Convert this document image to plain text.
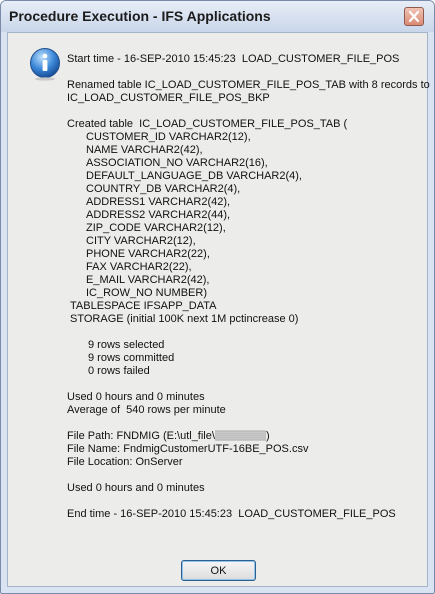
Procedure Execution - IFS Applications
Start time - 16-SEP-2010 15:45:23  LOAD_CUSTOMER_FILE_POS
Renamed table IC_LOAD_CUSTOMER_FILE_POS_TAB with 8 records to
IC_LOAD_CUSTOMER_FILE_POS_BKP
Created table  IC_LOAD_CUSTOMER_FILE_POS_TAB (
CUSTOMER_ID VARCHAR2(12),
NAME VARCHAR2(42),
ASSOCIATION_NO VARCHAR2(16),
DEFAULT_LANGUAGE_DB VARCHAR2(4),
COUNTRY_DB VARCHAR2(4),
ADDRESS1 VARCHAR2(42),
ADDRESS2 VARCHAR2(44),
ZIP_CODE VARCHAR2(12),
CITY VARCHAR2(12),
PHONE VARCHAR2(22),
FAX VARCHAR2(22),
E_MAIL VARCHAR2(42),
IC_ROW_NO NUMBER)
TABLESPACE IFSAPP_DATA
STORAGE (initial 100K next 1M pctincrease 0)
9 rows selected
9 rows committed
0 rows failed
Used 0 hours and 0 minutes
Average of  540 rows per minute
File Path: FNDMIG (E:\utl_file\	)
File Name: FndmigCustomerUTF-16BE_POS.csv
File Location: OnServer
Used 0 hours and 0 minutes
End time - 16-SEP-2010 15:45:23  LOAD_CUSTOMER_FILE_POS
OK
